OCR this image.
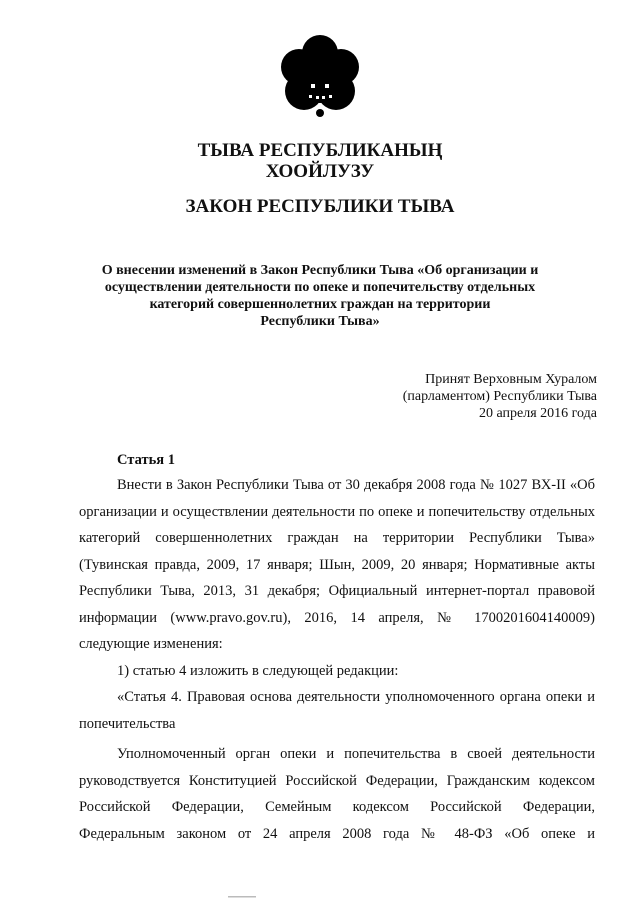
ТЫВА РЕСПУБЛИКАНЫҢ
ХООЙЛУЗУ
ЗАКОН РЕСПУБЛИКИ ТЫВА
О внесении изменений в Закон Республики Тыва «Об организации и
осуществлении деятельности по опеке и попечительству отдельных
категорий совершеннолетних граждан на территории
Республики Тыва»
Принят Верховным Хуралом
(парламентом) Республики Тыва
20 апреля 2016 года
Статья 1

Внести в Закон Республики Тыва от 30 декабря 2008 года № 1027 ВХ-II «Об организации и осуществлении деятельности по опеке и попечительству отдельных категорий совершеннолетних граждан на территории Республики Тыва» (Тувинская правда, 2009, 17 января; Шын, 2009, 20 января; Нормативные акты Республики Тыва, 2013, 31 декабря; Официальный интернет-портал правовой информации (www.pravo.gov.ru), 2016, 14 апреля, № 1700201604140009) следующие изменения:

1) статью 4 изложить в следующей редакции:

«Статья 4. Правовая основа деятельности уполномоченного органа опеки и попечительства

Уполномоченный орган опеки и попечительства в своей деятельности руководствуется Конституцией Российской Федерации, Гражданским кодексом Российской Федерации, Семейным кодексом Российской Федерации, Федеральным законом от 24 апреля 2008 года № 48-ФЗ «Об опеке и
